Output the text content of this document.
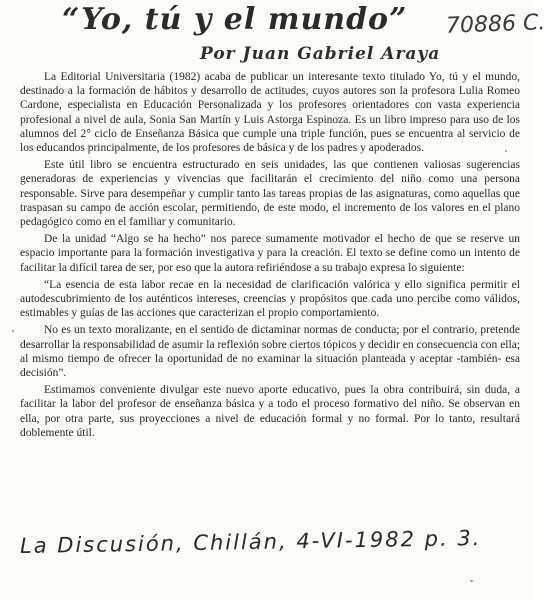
“Yo, tú y el mundo” 70886 C.
Por Juan Gabriel Araya

La Editorial Universitaria (1982) acaba de publicar un interesante texto titulado Yo, tú y el mundo, destinado a la formación de hábitos y desarrollo de actitudes, cuyos autores son la profesora Lulia Romeo Cardone, especialista en Educación Personalizada y los profesores orientadores con vasta experiencia profesional a nivel de aula, Sonia San Martín y Luis Astorga Espinoza. Es un libro impreso para uso de los alumnos del 2° ciclo de Enseñanza Básica que cumple una triple función, pues se encuentra al servicio de los educandos principalmente, de los profesores de básica y de los padres y apoderados.

Este útil libro se encuentra estructurado en seis unidades, las que contienen valiosas sugerencias generadoras de experiencias y vivencias que facilitarán el crecimiento del niño como una persona responsable. Sirve para desempeñar y cumplir tanto las tareas propias de las asignaturas, como aquellas que traspasan su campo de acción escolar, permitiendo, de este modo, el incremento de los valores en el plano pedagógico como en el familiar y comunitario.

De la unidad “Algo se ha hecho” nos parece sumamente motivador el hecho de que se reserve un espacio importante para la formación investigativa y para la creación. El texto se define como un intento de facilitar la difícil tarea de ser, por eso que la autora refiriéndose a su trabajo expresa lo siguiente:

“La esencia de esta labor recae en la necesidad de clarificación valórica y ello significa permitir el autodescubrimiento de los auténticos intereses, creencias y propósitos que cada uno percibe como válidos, estimables y guías de las acciones que caracterizan el propio comportamiento.

No es un texto moralizante, en el sentido de dictaminar normas de conducta; por el contrario, pretende desarrollar la responsabilidad de asumir la reflexión sobre ciertos tópicos y decidir en consecuencia con ella; al mismo tiempo de ofrecer la oportunidad de no examinar la situación planteada y aceptar -también- esa decisión”.

Estimamos conveniente divulgar este nuevo aporte educativo, pues la obra contribuirá, sin duda, a facilitar la labor del profesor de enseñanza básica y a todo el proceso formativo del niño. Se observan en ella, por otra parte, sus proyecciones a nivel de educación formal y no formal. Por lo tanto, resultará doblemente útil.

La Discusión, Chillán, 4-VI-1982 p. 3.
